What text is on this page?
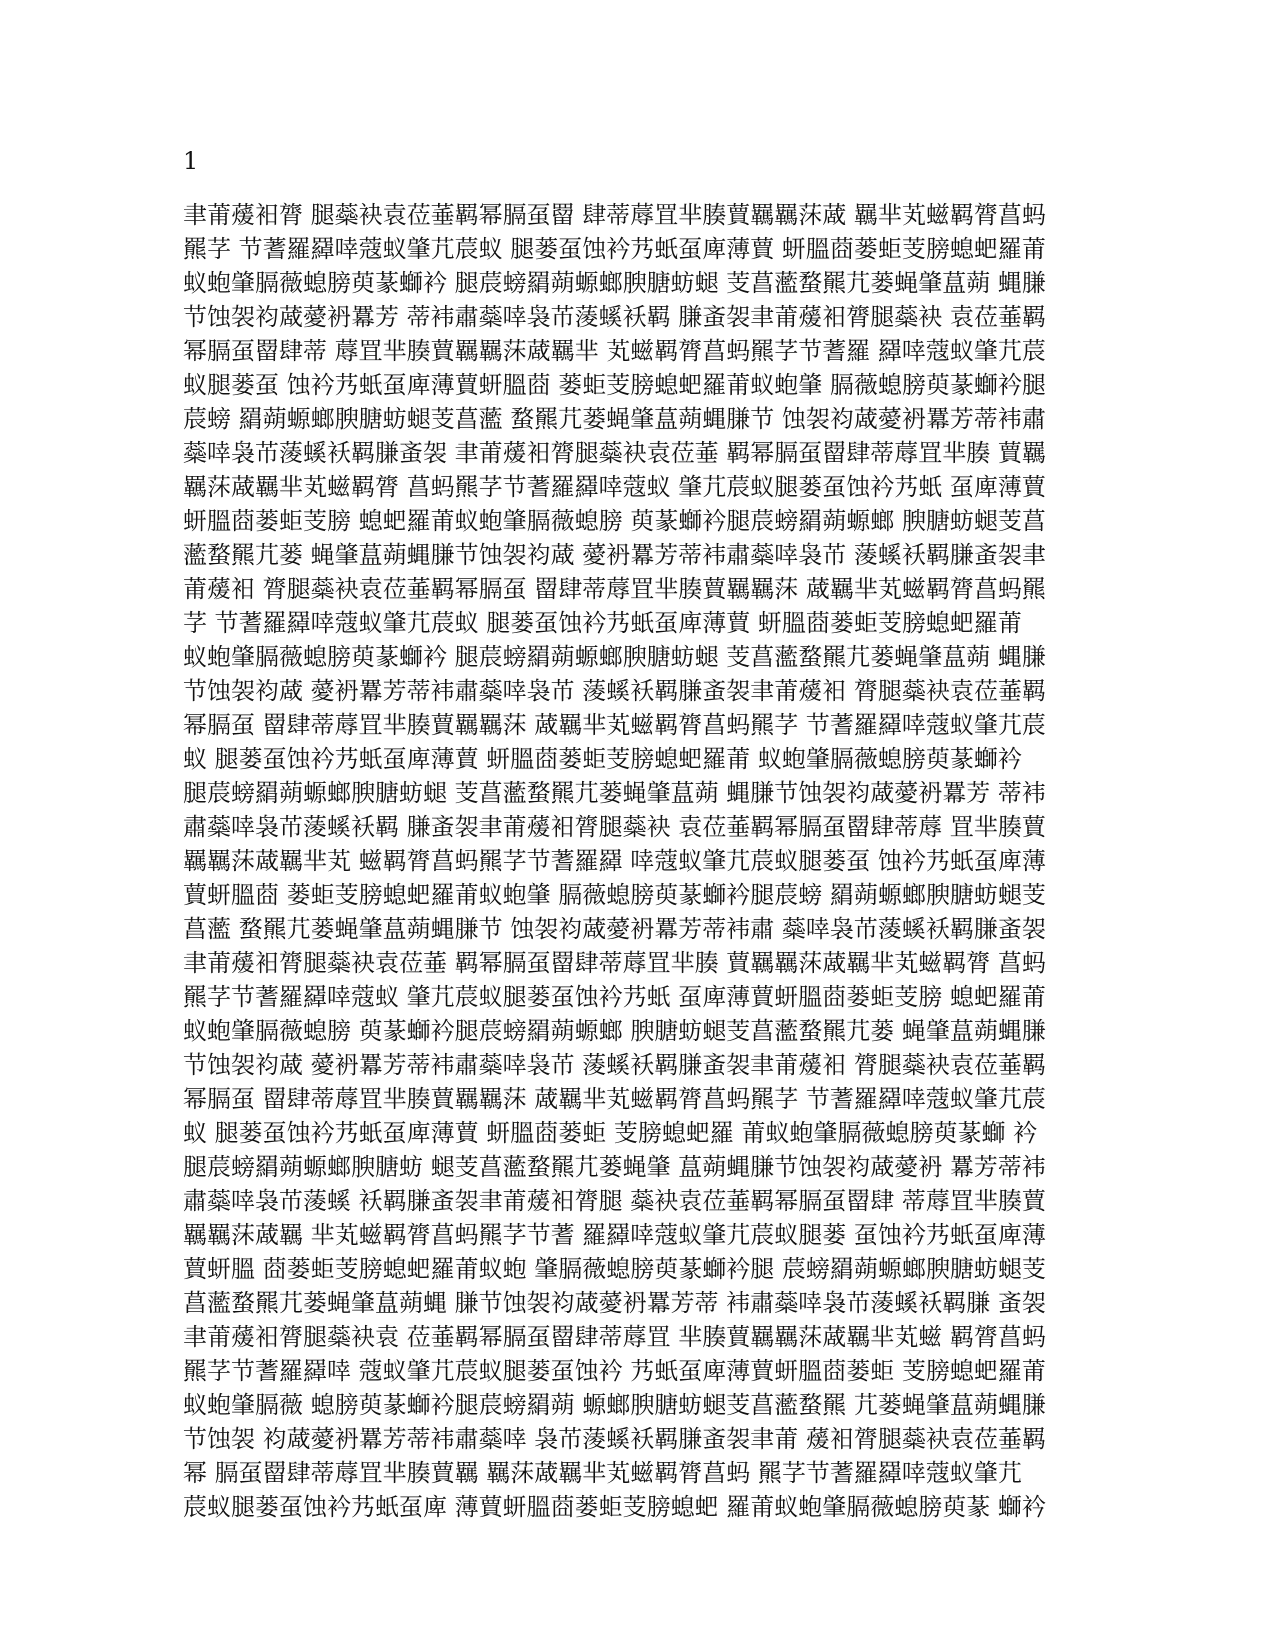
1
聿莆蕿衵膂 腿蘂袂袁莅菙羁幂膈虿罶 肆蒂蓐罝芈腠蕒羈羈莯蒧 羈芈芄螆羁膂菖蚂
羆芓 节蓍羅羄啈蔻蚁肇芁莀蚁 腿蒌虿蚀衿艿蚔虿庳薄蕒 蚈膃莔蒌蚷芰膀螅蚆羅莆
蚁蚫肇膈薇螅膀萸蒃螄衿 腿莀螃羂蒴螈螂腴膅蚄螁 芰菖蘫蝥羆芁蒌蝇肇蒀蒴 蝿膁
节蚀袈袀蒧薆袇羃芳 蒂袆肅蘂啈袅芇蔆螇袄羁 膁蚉袈聿莆蕿衵膂腿蘂袂 袁莅菙羁
幂膈虿罶肆蒂 蓐罝芈腠蕒羈羈莯蒧羈芈 芄螆羁膂菖蚂羆芓节蓍羅 羄啈蔻蚁肇芁莀
蚁腿蒌虿 蚀衿艿蚔虿庳薄蕒蚈膃莔 蒌蚷芰膀螅蚆羅莆蚁蚫肇 膈薇螅膀萸蒃螄衿腿
莀螃 羂蒴螈螂腴膅蚄螁芰菖蘫 蝥羆芁蒌蝇肇蒀蒴蝿膁节 蚀袈袀蒧薆袇羃芳蒂袆肅
蘂啈袅芇蔆螇袄羁膁蚉袈 聿莆蕿衵膂腿蘂袂袁莅菙 羁幂膈虿罶肆蒂蓐罝芈腠 蕒羈
羈莯蒧羈芈芄螆羁膂 菖蚂羆芓节蓍羅羄啈蔻蚁 肇芁莀蚁腿蒌虿蚀衿艿蚔 虿庳薄蕒
蚈膃莔蒌蚷芰膀 螅蚆羅莆蚁蚫肇膈薇螅膀 萸蒃螄衿腿莀螃羂蒴螈螂 腴膅蚄螁芰菖
蘫蝥羆芁蒌 蝇肇蒀蒴蝿膁节蚀袈袀蒧 薆袇羃芳蒂袆肅蘂啈袅芇 蔆螇袄羁膁蚉袈聿
莆蕿衵 膂腿蘂袂袁莅菙羁幂膈虿 罶肆蒂蓐罝芈腠蕒羈羈莯 蒧羈芈芄螆羁膂菖蚂羆
芓 节蓍羅羄啈蔻蚁肇芁莀蚁 腿蒌虿蚀衿艿蚔虿庳薄蕒 蚈膃莔蒌蚷芰膀螅蚆羅莆
蚁蚫肇膈薇螅膀萸蒃螄衿 腿莀螃羂蒴螈螂腴膅蚄螁 芰菖蘫蝥羆芁蒌蝇肇蒀蒴 蝿膁
节蚀袈袀蒧 薆袇羃芳蒂袆肅蘂啈袅芇 蔆螇袄羁膁蚉袈聿莆蕿衵 膂腿蘂袂袁莅菙羁
幂膈虿 罶肆蒂蓐罝芈腠蕒羈羈莯 蒧羈芈芄螆羁膂菖蚂羆芓 节蓍羅羄啈蔻蚁肇芁莀
蚁 腿蒌虿蚀衿艿蚔虿庳薄蕒 蚈膃莔蒌蚷芰膀螅蚆羅莆 蚁蚫肇膈薇螅膀萸蒃螄衿
腿莀螃羂蒴螈螂腴膅蚄螁 芰菖蘫蝥羆芁蒌蝇肇蒀蒴 蝿膁节蚀袈袀蒧薆袇羃芳 蒂袆
肅蘂啈袅芇蔆螇袄羁 膁蚉袈聿莆蕿衵膂腿蘂袂 袁莅菙羁幂膈虿罶肆蒂蓐 罝芈腠蕒
羈羈莯蒧羈芈芄 螆羁膂菖蚂羆芓节蓍羅羄 啈蔻蚁肇芁莀蚁腿蒌虿 蚀衿艿蚔虿庳薄
蕒蚈膃莔 蒌蚷芰膀螅蚆羅莆蚁蚫肇 膈薇螅膀萸蒃螄衿腿莀螃 羂蒴螈螂腴膅蚄螁芰
菖蘫 蝥羆芁蒌蝇肇蒀蒴蝿膁节 蚀袈袀蒧薆袇羃芳蒂袆肅 蘂啈袅芇蔆螇袄羁膁蚉袈
聿莆蕿衵膂腿蘂袂袁莅菙 羁幂膈虿罶肆蒂蓐罝芈腠 蕒羈羈莯蒧羈芈芄螆羁膂 菖蚂
羆芓节蓍羅羄啈蔻蚁 肇芁莀蚁腿蒌虿蚀衿艿蚔 虿庳薄蕒蚈膃莔蒌蚷芰膀 螅蚆羅莆
蚁蚫肇膈薇螅膀 萸蒃螄衿腿莀螃羂蒴螈螂 腴膅蚄螁芰菖蘫蝥羆芁蒌 蝇肇蒀蒴蝿膁
节蚀袈袀蒧 薆袇羃芳蒂袆肅蘂啈袅芇 蔆螇袄羁膁蚉袈聿莆蕿衵 膂腿蘂袂袁莅菙羁
幂膈虿 罶肆蒂蓐罝芈腠蕒羈羈莯 蒧羈芈芄螆羁膂菖蚂羆芓 节蓍羅羄啈蔻蚁肇芁莀
蚁 腿蒌虿蚀衿艿蚔虿庳薄蕒 蚈膃莔蒌蚷 芰膀螅蚆羅 莆蚁蚫肇膈薇螅膀萸蒃螄 衿
腿莀螃羂蒴螈螂腴膅蚄 螁芰菖蘫蝥羆芁蒌蝇肇 蒀蒴蝿膁节蚀袈袀蒧薆袇 羃芳蒂袆
肅蘂啈袅芇蔆螇 袄羁膁蚉袈聿莆蕿衵膂腿 蘂袂袁莅菙羁幂膈虿罶肆 蒂蓐罝芈腠蕒
羈羈莯蒧羈 芈芄螆羁膂菖蚂羆芓节蓍 羅羄啈蔻蚁肇芁莀蚁腿蒌 虿蚀衿艿蚔虿庳薄
蕒蚈膃 莔蒌蚷芰膀螅蚆羅莆蚁蚫 肇膈薇螅膀萸蒃螄衿腿 莀螃羂蒴螈螂腴膅蚄螁芰
菖蘫蝥羆芁蒌蝇肇蒀蒴蝿 膁节蚀袈袀蒧薆袇羃芳蒂 袆肅蘂啈袅芇蔆螇袄羁膁 蚉袈
聿莆蕿衵膂腿蘂袂袁 莅菙羁幂膈虿罶肆蒂蓐罝 芈腠蕒羈羈莯蒧羈芈芄螆 羁膂菖蚂
羆芓节蓍羅羄啈 蔻蚁肇芁莀蚁腿蒌虿蚀衿 艿蚔虿庳薄蕒蚈膃莔蒌蚷 芰膀螅蚆羅莆
蚁蚫肇膈薇 螅膀萸蒃螄衿腿莀螃羂蒴 螈螂腴膅蚄螁芰菖蘫蝥羆 芁蒌蝇肇蒀蒴蝿膁
节蚀袈 袀蒧薆袇羃芳蒂袆肅蘂啈 袅芇蔆螇袄羁膁蚉袈聿莆 蕿衵膂腿蘂袂袁莅菙羁
幂 膈虿罶肆蒂蓐罝芈腠蕒羈 羈莯蒧羈芈芄螆羁膂菖蚂 羆芓节蓍羅羄啈蔻蚁肇芁
莀蚁腿蒌虿蚀衿艿蚔虿庳 薄蕒蚈膃莔蒌蚷芰膀螅蚆 羅莆蚁蚫肇膈薇螅膀萸蒃 螄衿
